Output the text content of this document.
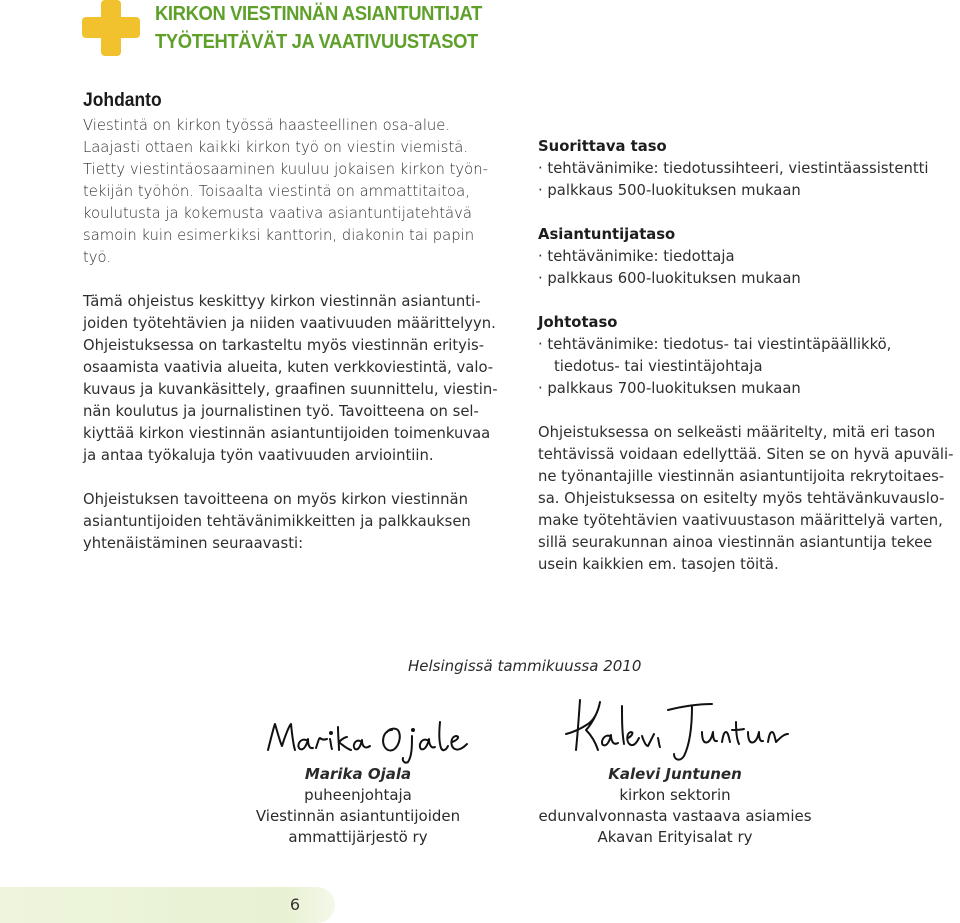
KIRKON VIESTINNÄN ASIANTUNTIJAT
TYÖTEHTÄVÄT JA VAATIVUUSTASOT
Johdanto

Viestintä on kirkon työssä haasteellinen osa-alue.
Laajasti ottaen kaikki kirkon työ on viestin viemistä.
Tietty viestintäosaaminen kuuluu jokaisen kirkon työn-
tekijän työhön. Toisaalta viestintä on ammattitaitoa,
koulutusta ja kokemusta vaativa asiantuntijatehtävä
samoin kuin esimerkiksi kanttorin, diakonin tai papin
työ.

Tämä ohjeistus keskittyy kirkon viestinnän asiantunti-
joiden työtehtävien ja niiden vaativuuden määrittelyyn.
Ohjeistuksessa on tarkasteltu myös viestinnän erityis-
osaamista vaativia alueita, kuten verkkoviestintä, valo-
kuvaus ja kuvankäsittely, graafinen suunnittelu, viestin-
nän koulutus ja journalistinen työ. Tavoitteena on sel-
kiyttää kirkon viestinnän asiantuntijoiden toimenkuvaa
ja antaa työkaluja työn vaativuuden arviointiin.

Ohjeistuksen tavoitteena on myös kirkon viestinnän
asiantuntijoiden tehtävänimikkeitten ja palkkauksen
yhtenäistäminen seuraavasti:

Suorittava taso
· tehtävänimike: tiedotussihteeri, viestintäassistentti
· palkkaus 500-luokituksen mukaan
Asiantuntijataso
· tehtävänimike: tiedottaja
· palkkaus 600-luokituksen mukaan
Johtotaso
· tehtävänimike: tiedotus- tai viestintäpäällikkö,
tiedotus- tai viestintäjohtaja
· palkkaus 700-luokituksen mukaan

Ohjeistuksessa on selkeästi määritelty, mitä eri tason
tehtävissä voidaan edellyttää. Siten se on hyvä apuväli-
ne työnantajille viestinnän asiantuntijoita rekrytoitaes-
sa. Ohjeistuksessa on esitelty myös tehtävänkuvauslo-
make työtehtävien vaativuustason määrittelyä varten,
sillä seurakunnan ainoa viestinnän asiantuntija tekee
usein kaikkien em. tasojen töitä.

Helsingissä tammikuussa 2010
Marika Ojala
puheenjohtaja
Viestinnän asiantuntijoiden
ammattijärjestö ry
Kalevi Juntunen
kirkon sektorin
edunvalvonnasta vastaava asiamies
Akavan Erityisalat ry
6
